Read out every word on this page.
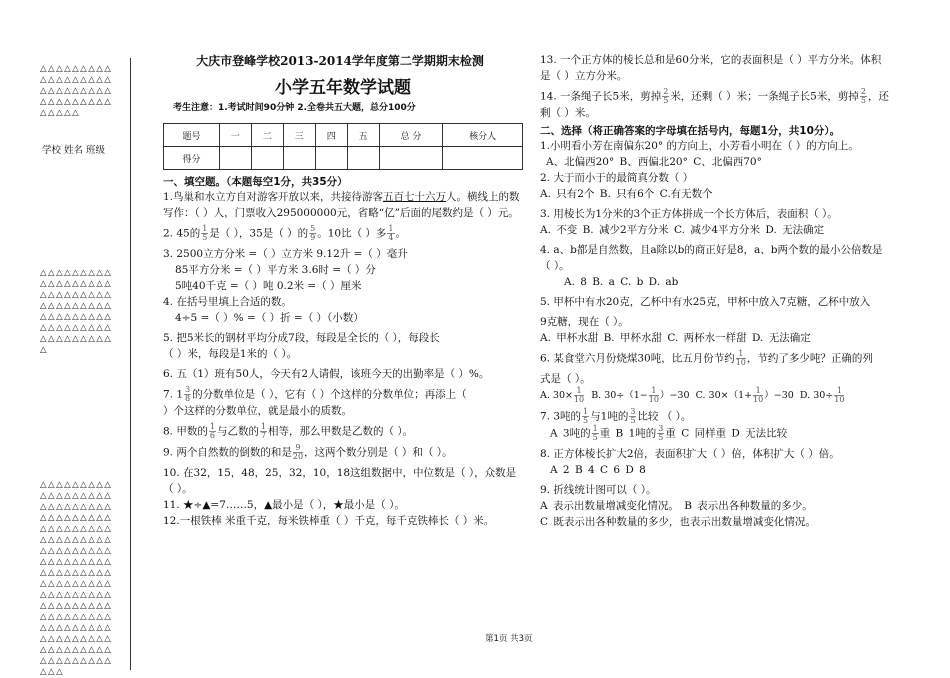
△△△△△△△△△△△△△△△△△△△△△△△△△△△△△△△△△△△△△△△△△
学校 姓名 班级
△△△△△△△△△△△△△△△△△△△△△△△△△△△△△△△△△△△△△△△△△△△△△△△△△△△△△△△△△△△△△△△△
△△△△△△△△△△△△△△△△△△△△△△△△△△△△△△△△△△△△△△△△△△△△△△△△△△△△△△△△△△△△△△△△△△△△△△△△△△△△△△△△△△△△△△△△△△△△△△△△△△△△△△△△△△△△△△△△△△△△△△△△△△△△△△△△△△△△△△△△△△△△△△△△△△△△△△△△△△△△
大庆市登峰学校2013-2014学年度第二学期期末检测
小学五年数学试题
考生注意：1.考试时间90分钟 2.全卷共五大题，总分100分
题号	一	二	三	四	五	总 分	核分人
得分							
一、填空题。（本题每空1分，共35分）

1.鸟巢和水立方自对游客开放以来，共接待游客五百七十六万人。横线上的数写作：（ ）人，门票收入295000000元，省略“亿”后面的尾数约是（ ）元。

2. 45的 $\frac{1}{5}$ 是（ ），35是（ ）的 $\frac{5}{9}$ 。10比（ ）多 $\frac{1}{4}$ 。

3. 2500立方分米 =（ ）立方米 9.12升 =（ ）毫升

85平方分米 =（ ）平方米 3.6时 =（ ）分

5吨40千克 =（ ）吨 0.2米 =（ ）厘米

4. 在括号里填上合适的数。

4÷5 =（ ）% =（ ）折 =（ ）（小数）

5. 把5米长的钢材平均分成7段，每段是全长的（ ），每段长

（ ）米，每段是1米的（ ）。

6. 五（1）班有50人，今天有2人请假，该班今天的出勤率是（ ）%。

7. $1 \frac{3}{8}$ 的分数单位是（ ），它有（ ）个这样的分数单位；再添上（

）个这样的分数单位，就是最小的质数。

8. 甲数的 $\frac{1}{6}$ 与乙数的 $\frac{1}{7}$ 相等，那么甲数是乙数的（ ）。

9. 两个自然数的倒数的和是 $\frac{9}{20}$ ，这两个数分别是（ ）和（ ）。

10. 在32，15，48，25，32，10，18这组数据中，中位数是（ ），众数是（ ）。

11. ★÷▲=7……5，▲最小是（ ），★最小是（ ）。

12.一根铁棒 米重千克，每米铁棒重（ ）千克，每千克铁棒长（ ）米。

13. 一个正方体的棱长总和是60分米，它的表面积是（ ）平方分米。体积是（ ）立方分米。

14. 一条绳子长5米，剪掉 $\frac{2}{5}$ 米，还剩（ ）米；一条绳子长5米，剪掉 $\frac{2}{5}$ ，还剩（ ）米。

二、选择（将正确答案的字母填在括号内，每题1分，共10分）。

1.小明看小芳在南偏东20° 的方向上，小芳看小明在（ ）的方向上。

A、北偏西20° B、西偏北20° C、北偏西70°

2. 大于而小于的最简真分数（ ）

A. 只有2个 B. 只有6个 C.有无数个

3. 用棱长为1分米的3个正方体拼成一个长方体后，表面积（ ）。

A. 不变 B. 减少2平方分米 C. 减少4平方分米 D. 无法确定

4. a、b都是自然数，且a除以b的商正好是8，a、b两个数的最小公倍数是（ ）。

A. 8 B. a C. b D. ab

5. 甲杯中有水20克，乙杯中有水25克，甲杯中放入7克糖，乙杯中放入

9克糖，现在（ ）。

A. 甲杯水甜 B. 甲杯水甜 C. 两杯水一样甜 D. 无法确定

6. 某食堂六月份烧煤30吨，比五月份节约 $\frac{1}{10}$ ，节约了多少吨？正确的列

式是（ ）。

A. $30\times \frac{1}{10} B$. $30\div(1- \frac{1}{10} )-30$ C. $30\times(1+ \frac{1}{10} )-30$ D. $30\div \frac{1}{10}$

7. 3吨的 $\frac{1}{5}$ 与1吨的 $\frac{3}{5}$ 比较 （ ）。

A 3吨的 $\frac{1}{5}$ 重 B 1吨的 $\frac{3}{5}$ 重 C 同样重 D 无法比较

8. 正方体棱长扩大2倍，表面积扩大（ ）倍，体积扩大（ ）倍。

A 2 B 4 C 6 D 8

9. 折线统计图可以（ ）。

A 表示出数量增减变化情况。 B 表示出各种数量的多少。

C 既表示出各种数量的多少，也表示出数量增减变化情况。

第1页 共3页
